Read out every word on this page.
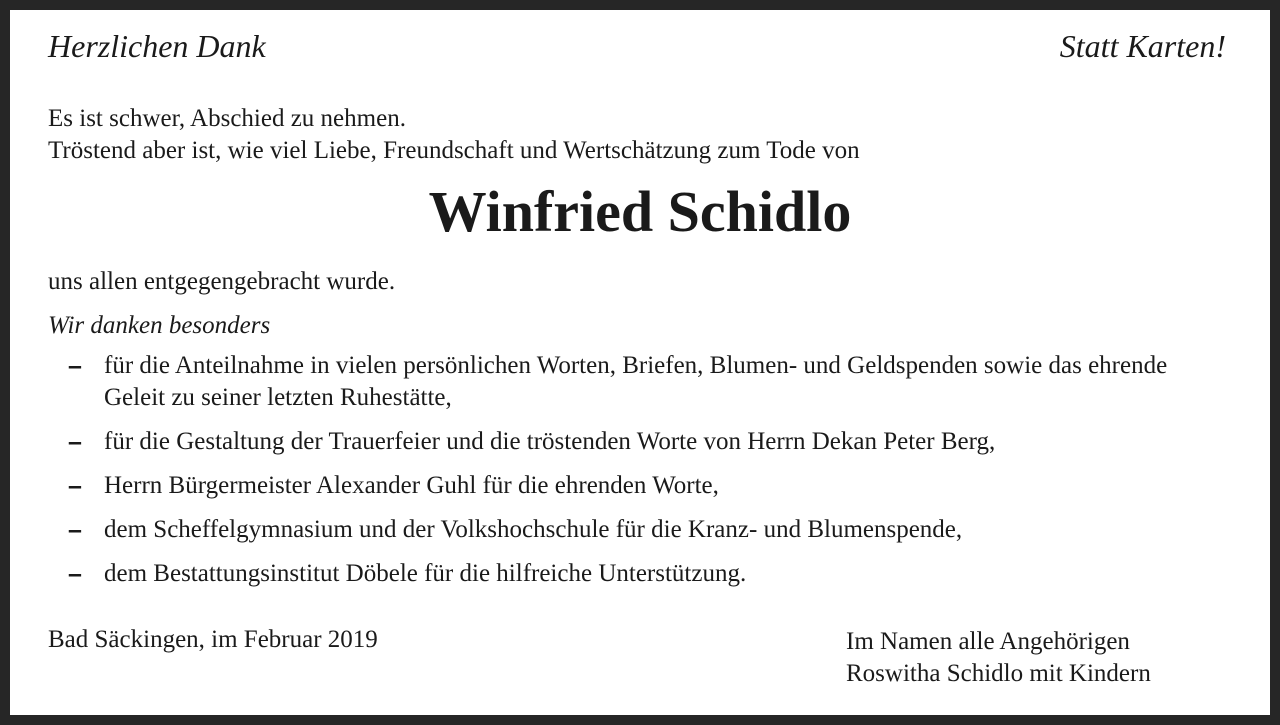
Herzlichen Dank	Statt Karten!
Es ist schwer, Abschied zu nehmen.
Tröstend aber ist, wie viel Liebe, Freundschaft und Wertschätzung zum Tode von
Winfried Schidlo
uns allen entgegengebracht wurde.
Wir danken besonders
– für die Anteilnahme in vielen persönlichen Worten, Briefen, Blumen- und Geldspenden sowie das ehrende Geleit zu seiner letzten Ruhestätte,
– für die Gestaltung der Trauerfeier und die tröstenden Worte von Herrn Dekan Peter Berg,
– Herrn Bürgermeister Alexander Guhl für die ehrenden Worte,
– dem Scheffelgymnasium und der Volkshochschule für die Kranz- und Blumenspende,
– dem Bestattungsinstitut Döbele für die hilfreiche Unterstützung.
Bad Säckingen, im Februar 2019	Im Namen alle Angehörigen
Roswitha Schidlo mit Kindern
